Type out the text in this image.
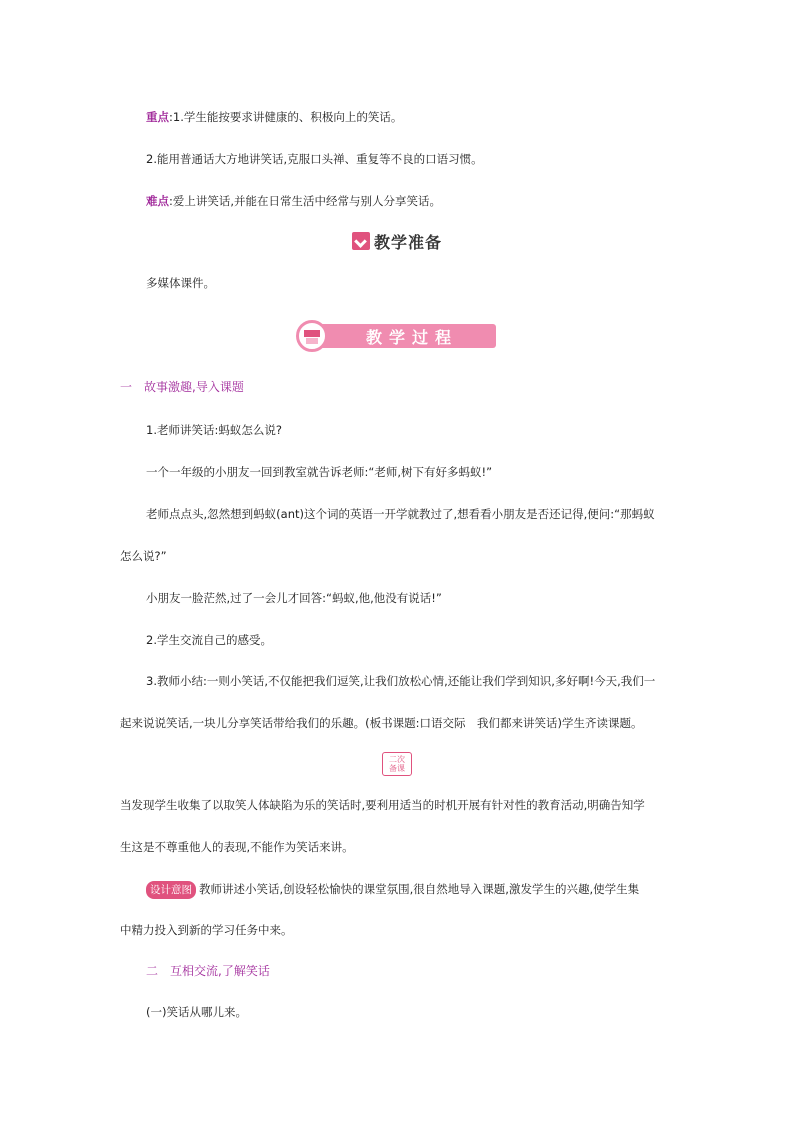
重点:1.学生能按要求讲健康的、积极向上的笑话。
2.能用普通话大方地讲笑话,克服口头禅、重复等不良的口语习惯。
难点:爱上讲笑话,并能在日常生活中经常与别人分享笑话。
教学准备
多媒体课件。
教学过程
一　故事激趣,导入课题
1.老师讲笑话:蚂蚁怎么说?
一个一年级的小朋友一回到教室就告诉老师:“老师,树下有好多蚂蚁!”
老师点点头,忽然想到蚂蚁(ant)这个词的英语一开学就教过了,想看看小朋友是否还记得,便问:“那蚂蚁
怎么说?”
小朋友一脸茫然,过了一会儿才回答:“蚂蚁,他,他没有说话!”
2.学生交流自己的感受。
3.教师小结:一则小笑话,不仅能把我们逗笑,让我们放松心情,还能让我们学到知识,多好啊!今天,我们一
起来说说笑话,一块儿分享笑话带给我们的乐趣。(板书课题:口语交际　我们都来讲笑话)学生齐读课题。
二次
备课
当发现学生收集了以取笑人体缺陷为乐的笑话时,要利用适当的时机开展有针对性的教育活动,明确告知学
生这是不尊重他人的表现,不能作为笑话来讲。
设计意图 教师讲述小笑话,创设轻松愉快的课堂氛围,很自然地导入课题,激发学生的兴趣,使学生集
中精力投入到新的学习任务中来。
二　互相交流,了解笑话
(一)笑话从哪儿来。
